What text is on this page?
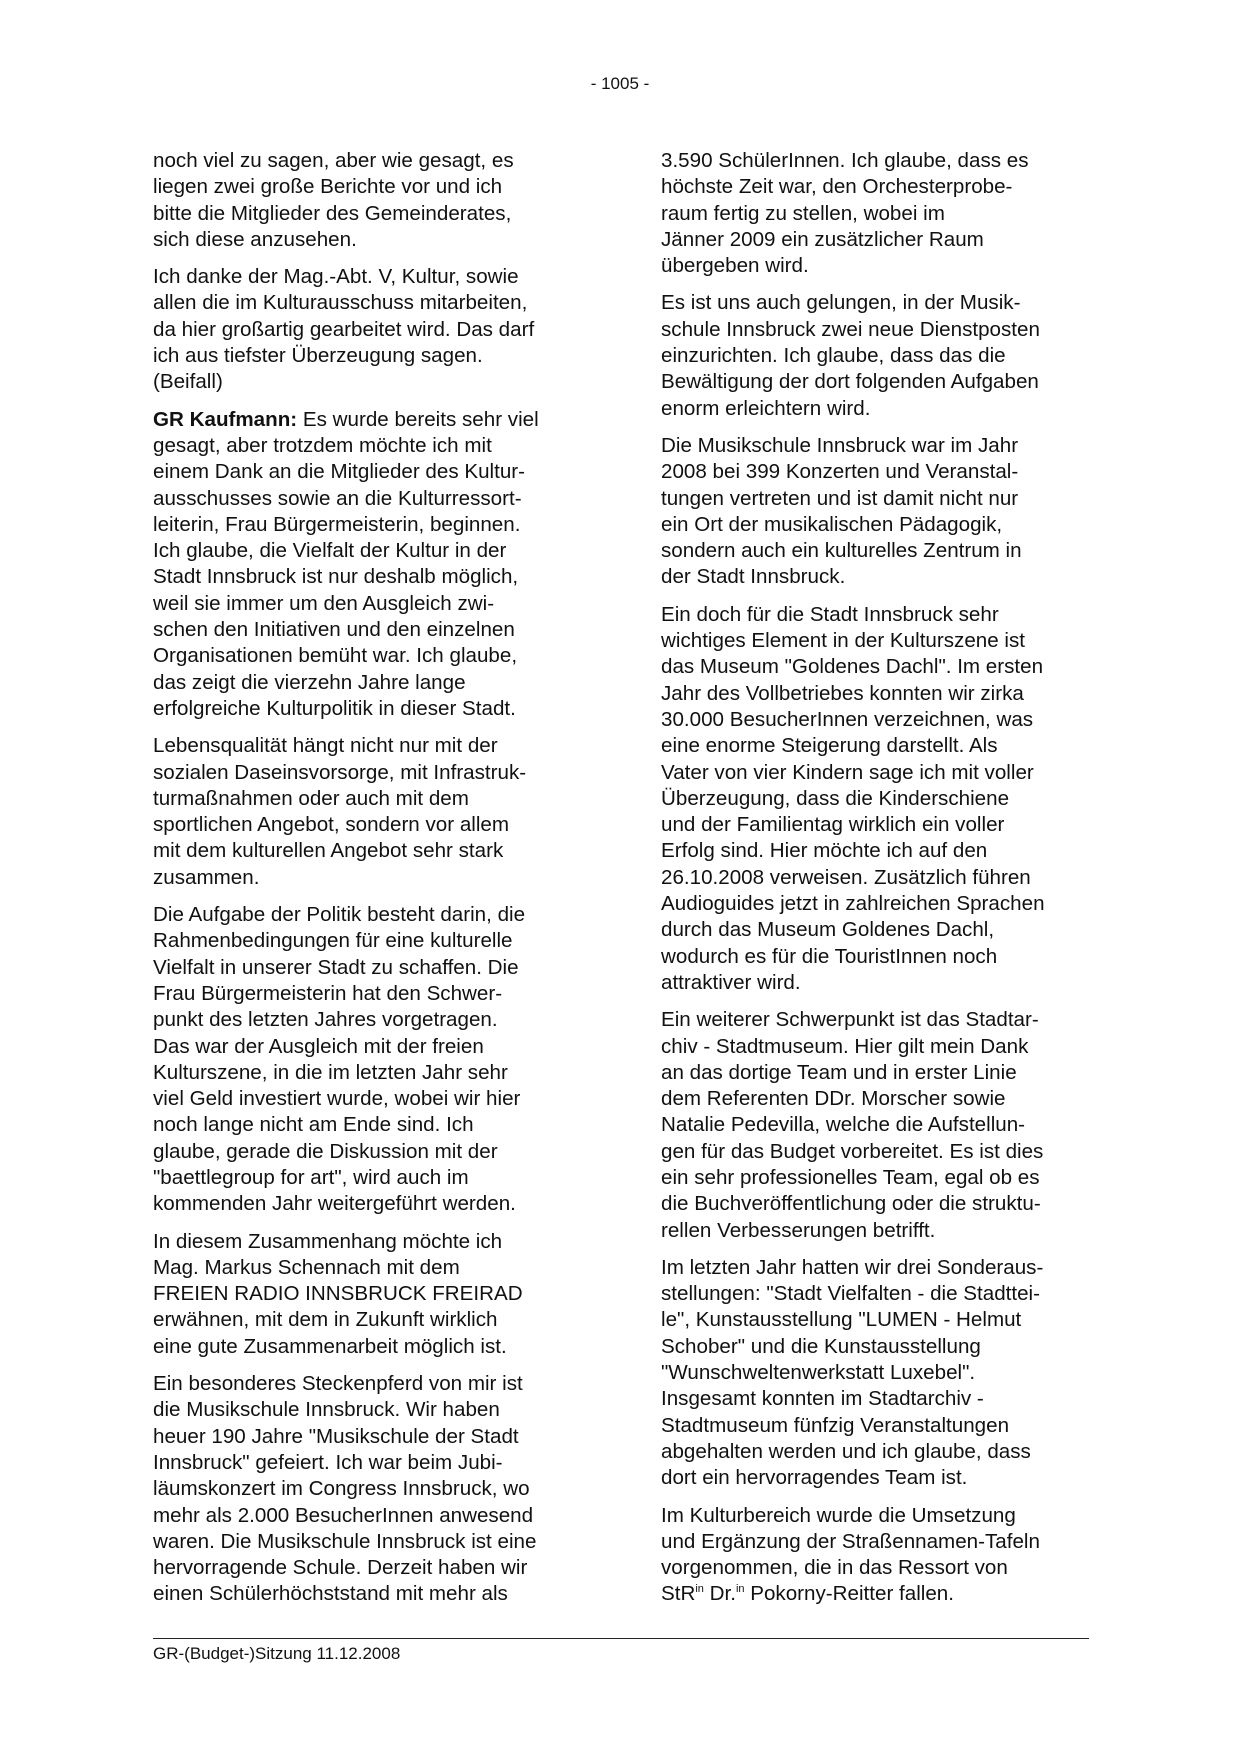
- 1005 -

noch viel zu sagen, aber wie gesagt, es
liegen zwei große Berichte vor und ich
bitte die Mitglieder des Gemeinderates,
sich diese anzusehen.

Ich danke der Mag.-Abt. V, Kultur, sowie
allen die im Kulturausschuss mitarbeiten,
da hier großartig gearbeitet wird. Das darf
ich aus tiefster Überzeugung sagen.
(Beifall)

GR Kaufmann: Es wurde bereits sehr viel
gesagt, aber trotzdem möchte ich mit
einem Dank an die Mitglieder des Kultur-
ausschusses sowie an die Kulturressort-
leiterin, Frau Bürgermeisterin, beginnen.
Ich glaube, die Vielfalt der Kultur in der
Stadt Innsbruck ist nur deshalb möglich,
weil sie immer um den Ausgleich zwi-
schen den Initiativen und den einzelnen
Organisationen bemüht war. Ich glaube,
das zeigt die vierzehn Jahre lange
erfolgreiche Kulturpolitik in dieser Stadt.

Lebensqualität hängt nicht nur mit der
sozialen Daseinsvorsorge, mit Infrastruk-
turmaßnahmen oder auch mit dem
sportlichen Angebot, sondern vor allem
mit dem kulturellen Angebot sehr stark
zusammen.

Die Aufgabe der Politik besteht darin, die
Rahmenbedingungen für eine kulturelle
Vielfalt in unserer Stadt zu schaffen. Die
Frau Bürgermeisterin hat den Schwer-
punkt des letzten Jahres vorgetragen.
Das war der Ausgleich mit der freien
Kulturszene, in die im letzten Jahr sehr
viel Geld investiert wurde, wobei wir hier
noch lange nicht am Ende sind. Ich
glaube, gerade die Diskussion mit der
"baettlegroup for art", wird auch im
kommenden Jahr weitergeführt werden.

In diesem Zusammenhang möchte ich
Mag. Markus Schennach mit dem
FREIEN RADIO INNSBRUCK FREIRAD
erwähnen, mit dem in Zukunft wirklich
eine gute Zusammenarbeit möglich ist.

Ein besonderes Steckenpferd von mir ist
die Musikschule Innsbruck. Wir haben
heuer 190 Jahre "Musikschule der Stadt
Innsbruck" gefeiert. Ich war beim Jubi-
läumskonzert im Congress Innsbruck, wo
mehr als 2.000 BesucherInnen anwesend
waren. Die Musikschule Innsbruck ist eine
hervorragende Schule. Derzeit haben wir
einen Schülerhöchststand mit mehr als

3.590 SchülerInnen. Ich glaube, dass es
höchste Zeit war, den Orchesterprobe-
raum fertig zu stellen, wobei im
Jänner 2009 ein zusätzlicher Raum
übergeben wird.

Es ist uns auch gelungen, in der Musik-
schule Innsbruck zwei neue Dienstposten
einzurichten. Ich glaube, dass das die
Bewältigung der dort folgenden Aufgaben
enorm erleichtern wird.

Die Musikschule Innsbruck war im Jahr
2008 bei 399 Konzerten und Veranstal-
tungen vertreten und ist damit nicht nur
ein Ort der musikalischen Pädagogik,
sondern auch ein kulturelles Zentrum in
der Stadt Innsbruck.

Ein doch für die Stadt Innsbruck sehr
wichtiges Element in der Kulturszene ist
das Museum "Goldenes Dachl". Im ersten
Jahr des Vollbetriebes konnten wir zirka
30.000 BesucherInnen verzeichnen, was
eine enorme Steigerung darstellt. Als
Vater von vier Kindern sage ich mit voller
Überzeugung, dass die Kinderschiene
und der Familientag wirklich ein voller
Erfolg sind. Hier möchte ich auf den
26.10.2008 verweisen. Zusätzlich führen
Audioguides jetzt in zahlreichen Sprachen
durch das Museum Goldenes Dachl,
wodurch es für die TouristInnen noch
attraktiver wird.

Ein weiterer Schwerpunkt ist das Stadtar-
chiv - Stadtmuseum. Hier gilt mein Dank
an das dortige Team und in erster Linie
dem Referenten DDr. Morscher sowie
Natalie Pedevilla, welche die Aufstellun-
gen für das Budget vorbereitet. Es ist dies
ein sehr professionelles Team, egal ob es
die Buchveröffentlichung oder die struktu-
rellen Verbesserungen betrifft.

Im letzten Jahr hatten wir drei Sonderaus-
stellungen: "Stadt Vielfalten - die Stadttei-
le", Kunstausstellung "LUMEN - Helmut
Schober" und die Kunstausstellung
"Wunschweltenwerkstatt Luxebel".
Insgesamt konnten im Stadtarchiv -
Stadtmuseum fünfzig Veranstaltungen
abgehalten werden und ich glaube, dass
dort ein hervorragendes Team ist.

Im Kulturbereich wurde die Umsetzung
und Ergänzung der Straßennamen-Tafeln
vorgenommen, die in das Ressort von
StR$^{in}$ Dr.$^{in}$ Pokorny-Reitter fallen.

GR-(Budget-)Sitzung 11.12.2008
